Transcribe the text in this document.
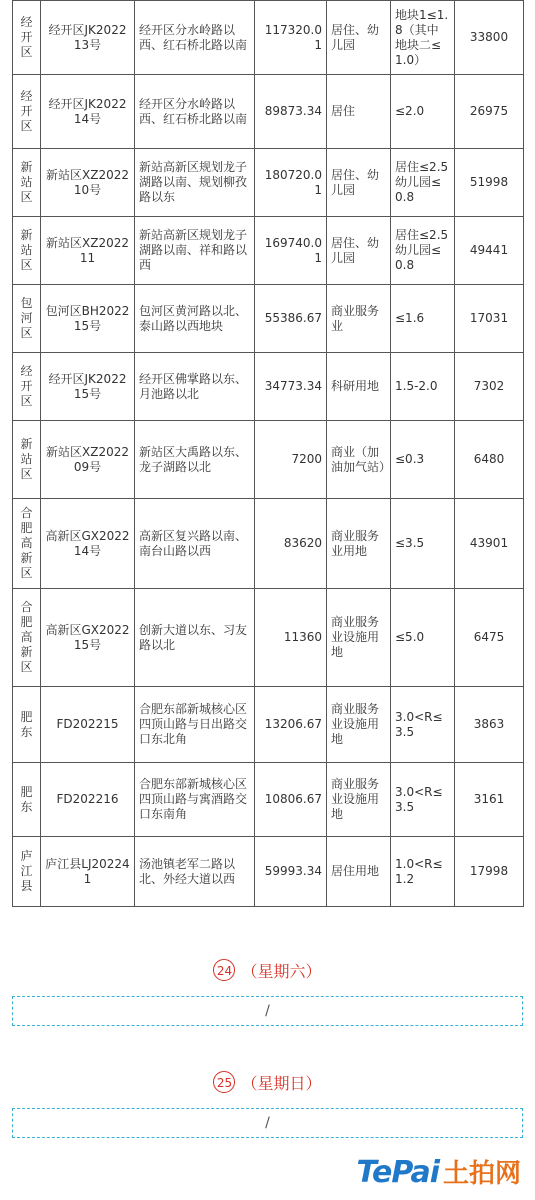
经开区	经开区JK202213号	经开区分水岭路以西、红石桥北路以南	117320.01	居住、幼儿园	地块1≤1.8（其中地块二≤1.0）	33800
经开区	经开区JK202214号	经开区分水岭路以西、红石桥北路以南	89873.34	居住	≤2.0	26975
新站区	新站区XZ202210号	新站高新区规划龙子湖路以南、规划柳孜路以东	180720.01	居住、幼儿园	居住≤2.5幼儿园≤0.8	51998
新站区	新站区XZ202211	新站高新区规划龙子湖路以南、祥和路以西	169740.01	居住、幼儿园	居住≤2.5幼儿园≤0.8	49441
包河区	包河区BH202215号	包河区黄河路以北、泰山路以西地块	55386.67	商业服务业	≤1.6	17031
经开区	经开区JK202215号	经开区佛掌路以东、月池路以北	34773.34	科研用地	1.5-2.0	7302
新站区	新站区XZ202209号	新站区大禹路以东、龙子湖路以北	7200	商业（加油加气站）	≤0.3	6480
合肥高新区	高新区GX202214号	高新区复兴路以南、南台山路以西	83620	商业服务业用地	≤3.5	43901
合肥高新区	高新区GX202215号	创新大道以东、习友路以北	11360	商业服务业设施用地	≤5.0	6475
肥东	FD202215	合肥东部新城核心区四顶山路与日出路交口东北角	13206.67	商业服务业设施用地	3.0<R≤3.5	3863
肥东	FD202216	合肥东部新城核心区四顶山路与寓酒路交口东南角	10806.67	商业服务业设施用地	3.0<R≤3.5	3161
庐江县	庐江县LJ202241	汤池镇老军二路以北、外经大道以西	59993.34	居住用地	1.0<R≤1.2	17998
24 （星期六）
/
25 （星期日）
/
TePai 土拍网
